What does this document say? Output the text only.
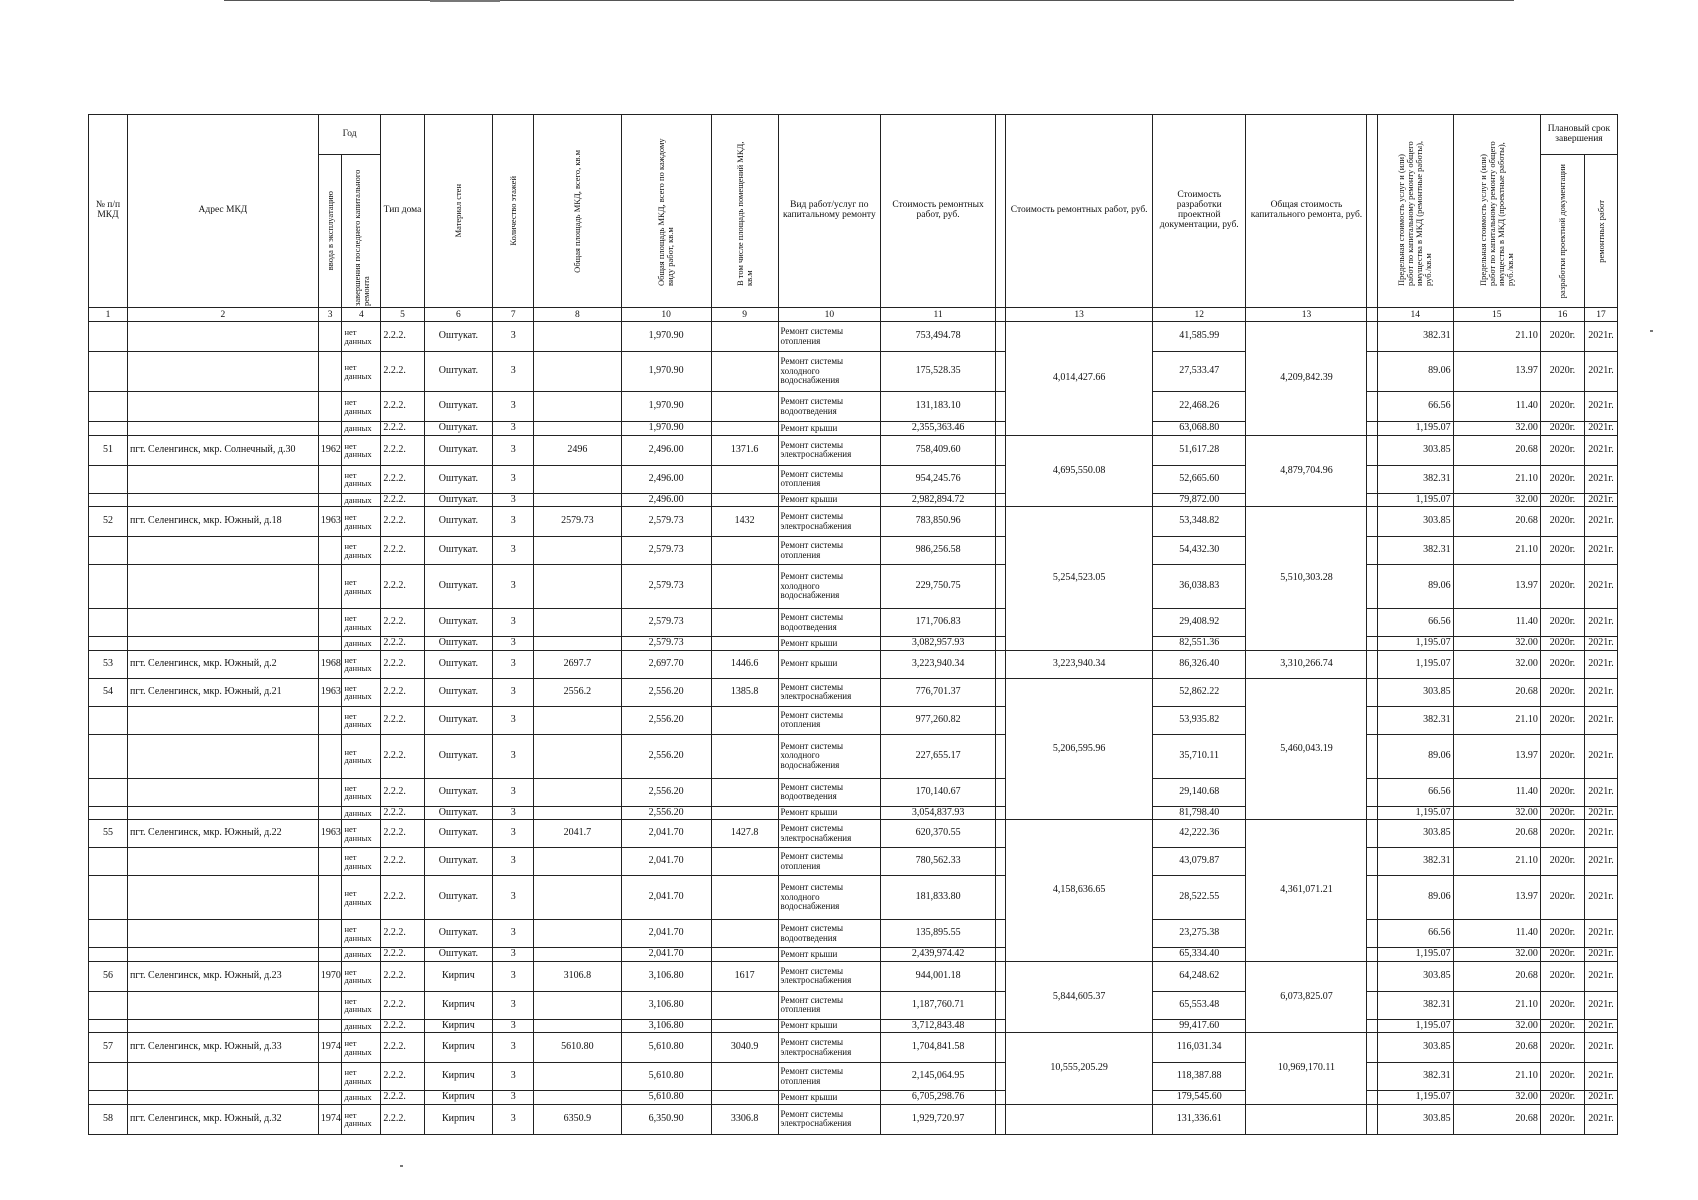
№ п/п МКД	Адрес МКД	Год		Тип дома	Материал стен	Количество этажей	Общая площадь МКД, всего, кв.м	Общая площадь МКД, всего по каждому виду работ, кв.м	В том числе площадь помещений МКД, кв.м	Вид работ/услуг по капитальному ремонту	Стоимость ремонтных работ, руб.		Стоимость ремонтных работ, руб.	Стоимость разработки проектной документации, руб.	Общая стоимость капитального ремонта, руб.		Предельная стоимость услуг и (или) работ по капитальному ремонту общего имущества в МКД (ремонтные работы), руб./кв.м	Предельная стоимость услуг и (или) работ по капитальному ремонту общего имущества в МКД (проектные работы), руб./кв.м	Плановый срок завершения	

		ввода в эксплуатацию	завершения последнего капитального ремонта																разработки проектной документации	ремонтных работ

1	2	3	4	5	6	7	8	10	9	10	11		13	12	13		14	15	16	17
			нет данных	2.2.2.	Оштукат.	3		1,970.90		Ремонт системы отопления	753,494.78		4,014,427.66	41,585.99	4,209,842.39		382.31	21.10	2020г.	2021г.
			нет данных	2.2.2.	Оштукат.	3		1,970.90		Ремонт системы холодного водоснабжения	175,528.35			27,533.47			89.06	13.97	2020г.	2021г.
			нет данных	2.2.2.	Оштукат.	3		1,970.90		Ремонт системы водоотведения	131,183.10			22,468.26			66.56	11.40	2020г.	2021г.
			данных	2.2.2.	Оштукат.	3		1,970.90		Ремонт крыши	2,355,363.46			63,068.80			1,195.07	32.00	2020г.	2021г.
51	пгт. Селенгинск, мкр. Солнечный, д.30	1962	нет данных	2.2.2.	Оштукат.	3	2496	2,496.00	1371.6	Ремонт системы электроснабжения	758,409.60		4,695,550.08	51,617.28	4,879,704.96		303.85	20.68	2020г.	2021г.
			нет данных	2.2.2.	Оштукат.	3		2,496.00		Ремонт системы отопления	954,245.76			52,665.60			382.31	21.10	2020г.	2021г.
			данных	2.2.2.	Оштукат.	3		2,496.00		Ремонт крыши	2,982,894.72			79,872.00			1,195.07	32.00	2020г.	2021г.
52	пгт. Селенгинск, мкр. Южный, д.18	1963	нет данных	2.2.2.	Оштукат.	3	2579.73	2,579.73	1432	Ремонт системы электроснабжения	783,850.96		5,254,523.05	53,348.82	5,510,303.28		303.85	20.68	2020г.	2021г.
			нет данных	2.2.2.	Оштукат.	3		2,579.73		Ремонт системы отопления	986,256.58			54,432.30			382.31	21.10	2020г.	2021г.
			нет данных	2.2.2.	Оштукат.	3		2,579.73		Ремонт системы холодного водоснабжения	229,750.75			36,038.83			89.06	13.97	2020г.	2021г.
			нет данных	2.2.2.	Оштукат.	3		2,579.73		Ремонт системы водоотведения	171,706.83			29,408.92			66.56	11.40	2020г.	2021г.
			данных	2.2.2.	Оштукат.	3		2,579.73		Ремонт крыши	3,082,957.93			82,551.36			1,195.07	32.00	2020г.	2021г.
53	пгт. Селенгинск, мкр. Южный, д.2	1968	нет данных	2.2.2.	Оштукат.	3	2697.7	2,697.70	1446.6	Ремонт крыши	3,223,940.34		3,223,940.34	86,326.40	3,310,266.74		1,195.07	32.00	2020г.	2021г.
54	пгт. Селенгинск, мкр. Южный, д.21	1963	нет данных	2.2.2.	Оштукат.	3	2556.2	2,556.20	1385.8	Ремонт системы электроснабжения	776,701.37		5,206,595.96	52,862.22	5,460,043.19		303.85	20.68	2020г.	2021г.
			нет данных	2.2.2.	Оштукат.	3		2,556.20		Ремонт системы отопления	977,260.82			53,935.82			382.31	21.10	2020г.	2021г.
			нет данных	2.2.2.	Оштукат.	3		2,556.20		Ремонт системы холодного водоснабжения	227,655.17			35,710.11			89.06	13.97	2020г.	2021г.
			нет данных	2.2.2.	Оштукат.	3		2,556.20		Ремонт системы водоотведения	170,140.67			29,140.68			66.56	11.40	2020г.	2021г.
			данных	2.2.2.	Оштукат.	3		2,556.20		Ремонт крыши	3,054,837.93			81,798.40			1,195.07	32.00	2020г.	2021г.
55	пгт. Селенгинск, мкр. Южный, д.22	1963	нет данных	2.2.2.	Оштукат.	3	2041.7	2,041.70	1427.8	Ремонт системы электроснабжения	620,370.55		4,158,636.65	42,222.36	4,361,071.21		303.85	20.68	2020г.	2021г.
			нет данных	2.2.2.	Оштукат.	3		2,041.70		Ремонт системы отопления	780,562.33			43,079.87			382.31	21.10	2020г.	2021г.
			нет данных	2.2.2.	Оштукат.	3		2,041.70		Ремонт системы холодного водоснабжения	181,833.80			28,522.55			89.06	13.97	2020г.	2021г.
			нет данных	2.2.2.	Оштукат.	3		2,041.70		Ремонт системы водоотведения	135,895.55			23,275.38			66.56	11.40	2020г.	2021г.
			данных	2.2.2.	Оштукат.	3		2,041.70		Ремонт крыши	2,439,974.42			65,334.40			1,195.07	32.00	2020г.	2021г.
56	пгт. Селенгинск, мкр. Южный, д.23	1970	нет данных	2.2.2.	Кирпич	3	3106.8	3,106.80	1617	Ремонт системы электроснабжения	944,001.18		5,844,605.37	64,248.62	6,073,825.07		303.85	20.68	2020г.	2021г.
			нет данных	2.2.2.	Кирпич	3		3,106.80		Ремонт системы отопления	1,187,760.71			65,553.48			382.31	21.10	2020г.	2021г.
			данных	2.2.2.	Кирпич	3		3,106.80		Ремонт крыши	3,712,843.48			99,417.60			1,195.07	32.00	2020г.	2021г.
57	пгт. Селенгинск, мкр. Южный, д.33	1974	нет данных	2.2.2.	Кирпич	3	5610.80	5,610.80	3040.9	Ремонт системы электроснабжения	1,704,841.58		10,555,205.29	116,031.34	10,969,170.11		303.85	20.68	2020г.	2021г.
			нет данных	2.2.2.	Кирпич	3		5,610.80		Ремонт системы отопления	2,145,064.95			118,387.88			382.31	21.10	2020г.	2021г.
			данных	2.2.2.	Кирпич	3		5,610.80		Ремонт крыши	6,705,298.76			179,545.60			1,195.07	32.00	2020г.	2021г.
58	пгт. Селенгинск, мкр. Южный, д.32	1974	нет данных	2.2.2.	Кирпич	3	6350.9	6,350.90	3306.8	Ремонт системы электроснабжения	1,929,720.97			131,336.61			303.85	20.68	2020г.	2021г.
